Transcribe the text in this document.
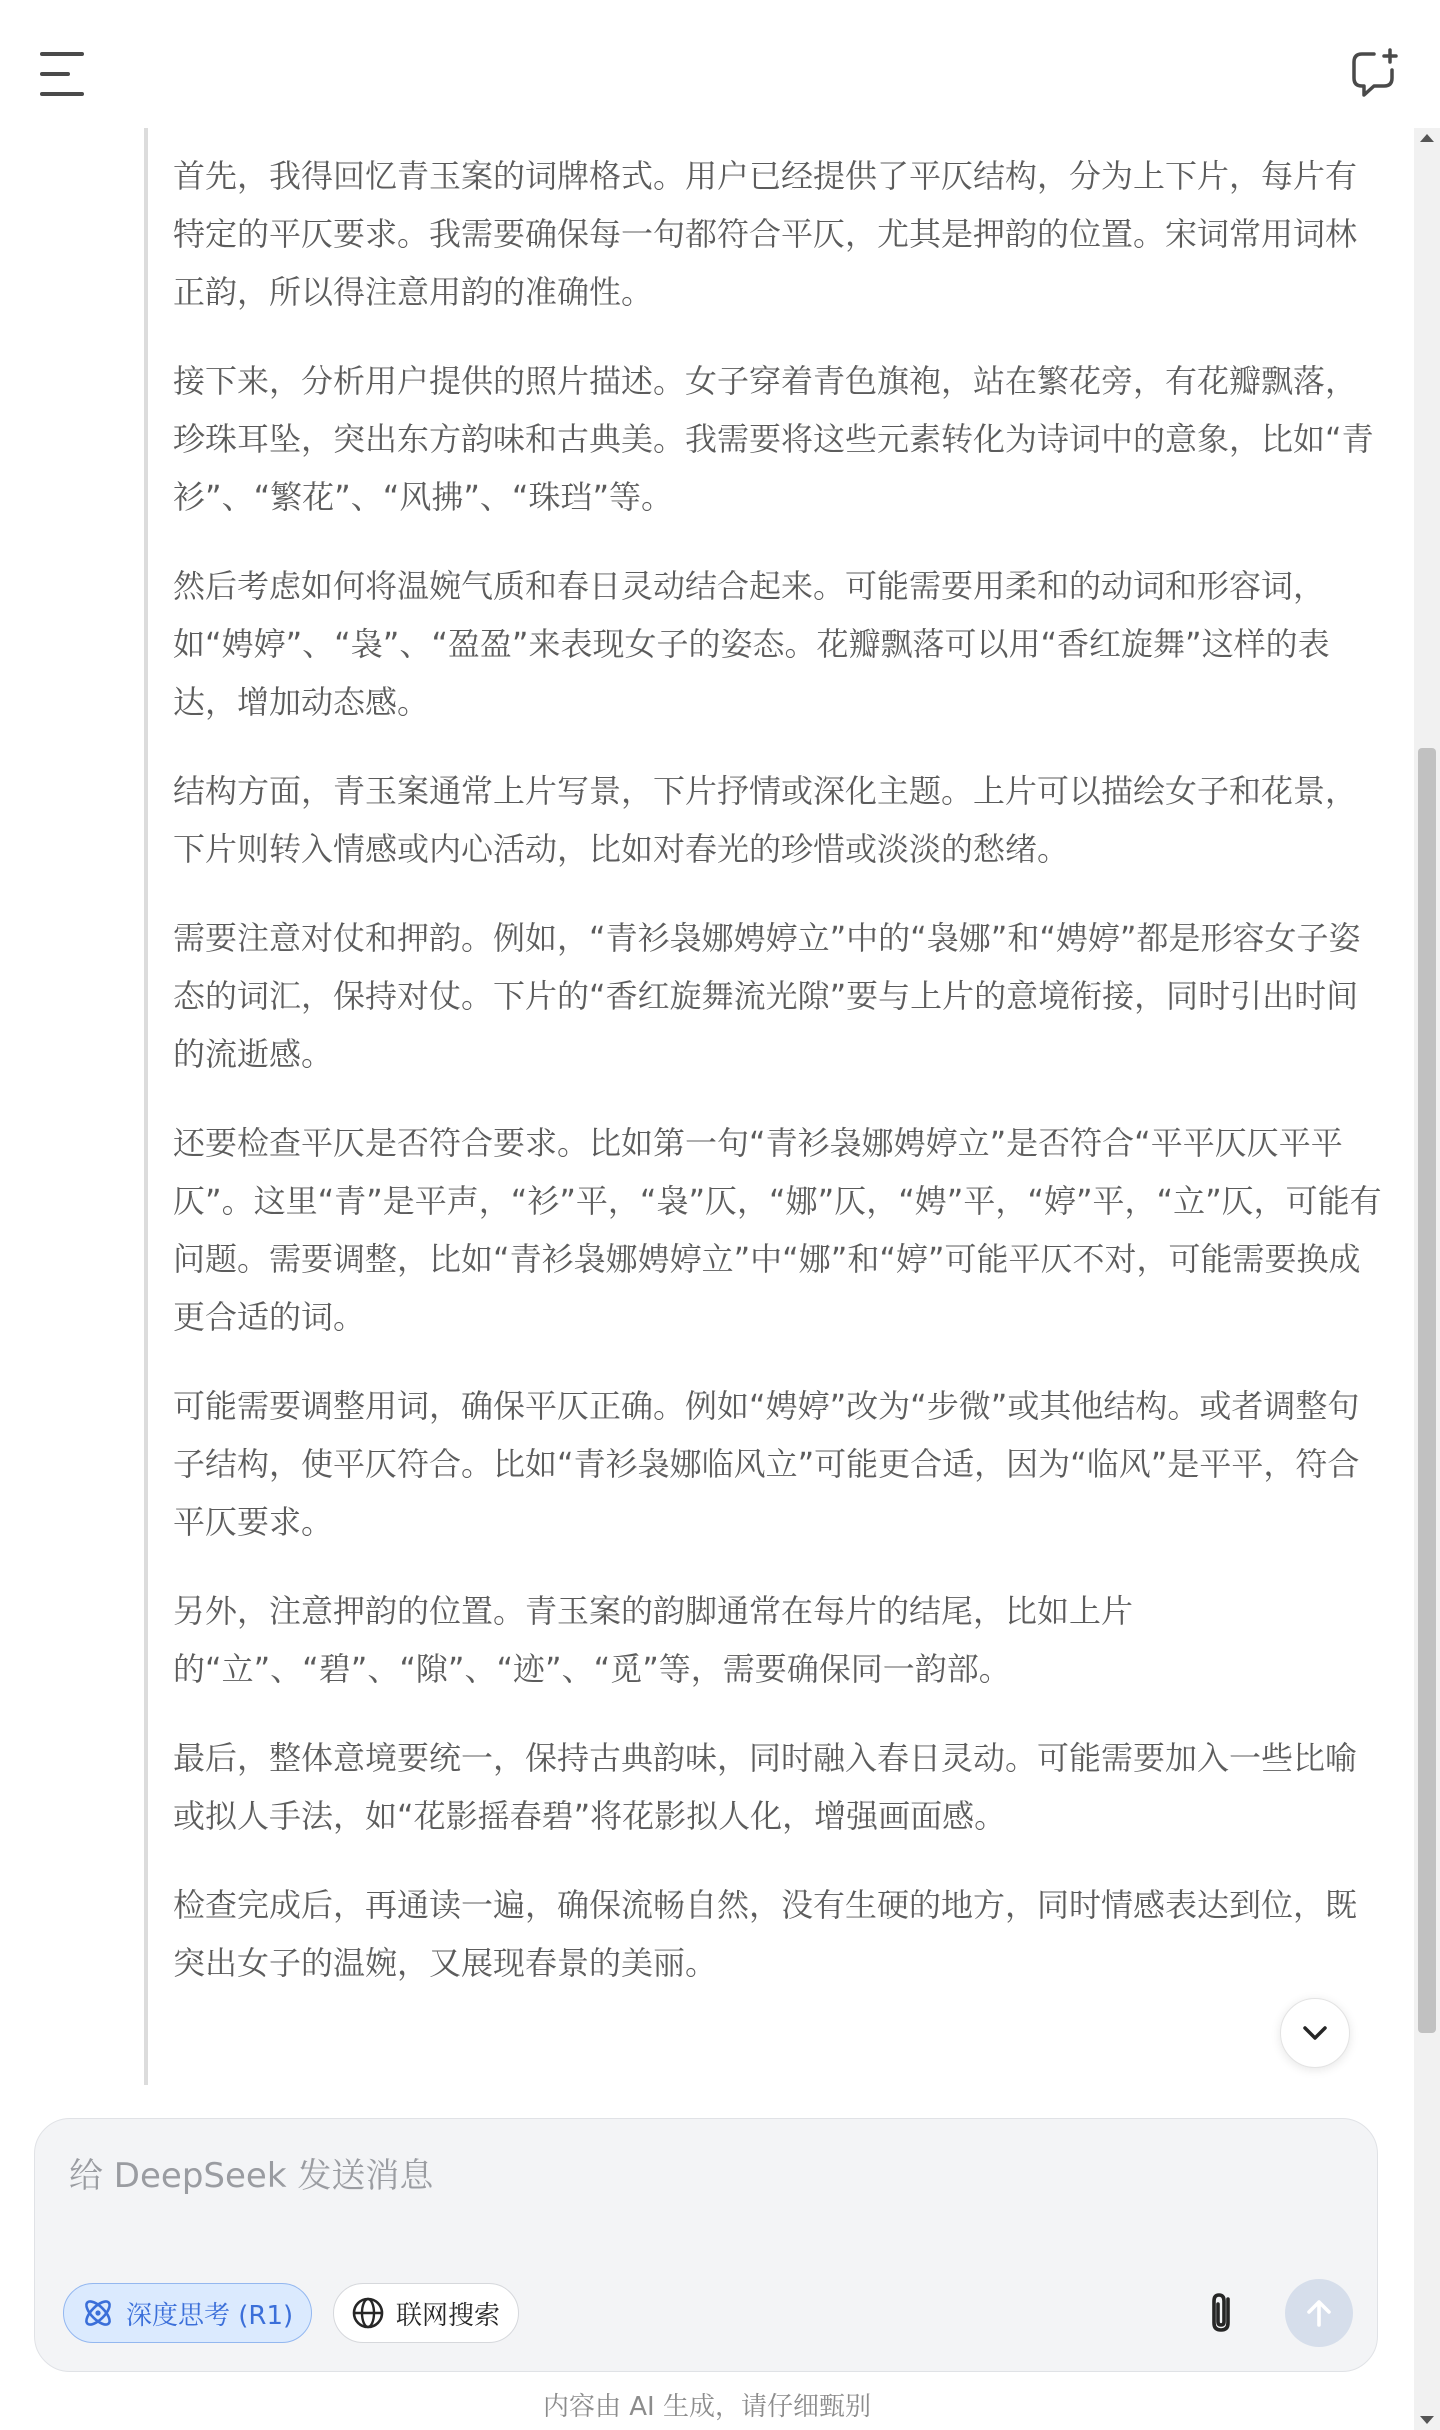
首先，我得回忆青玉案的词牌格式。用户已经提供了平仄结构，分为上下片，每片有特定的平仄要求。我需要确保每一句都符合平仄，尤其是押韵的位置。宋词常用词林正韵，所以得注意用韵的准确性。

接下来，分析用户提供的照片描述。女子穿着青色旗袍，站在繁花旁，有花瓣飘落，珍珠耳坠，突出东方韵味和古典美。我需要将这些元素转化为诗词中的意象，比如“青衫”、“繁花”、“风拂”、“珠珰”等。

然后考虑如何将温婉气质和春日灵动结合起来。可能需要用柔和的动词和形容词，如“娉婷”、“袅”、“盈盈”来表现女子的姿态。花瓣飘落可以用“香红旋舞”这样的表达，增加动态感。

结构方面，青玉案通常上片写景，下片抒情或深化主题。上片可以描绘女子和花景，下片则转入情感或内心活动，比如对春光的珍惜或淡淡的愁绪。

需要注意对仗和押韵。例如，“青衫袅娜娉婷立”中的“袅娜”和“娉婷”都是形容女子姿态的词汇，保持对仗。下片的“香红旋舞流光隙”要与上片的意境衔接，同时引出时间的流逝感。

还要检查平仄是否符合要求。比如第一句“青衫袅娜娉婷立”是否符合“平平仄仄平平仄”。这里“青”是平声，“衫”平，“袅”仄，“娜”仄，“娉”平，“婷”平，“立”仄，可能有问题。需要调整，比如“青衫袅娜娉婷立”中“娜”和“婷”可能平仄不对，可能需要换成更合适的词。

可能需要调整用词，确保平仄正确。例如“娉婷”改为“步微”或其他结构。或者调整句子结构，使平仄符合。比如“青衫袅娜临风立”可能更合适，因为“临风”是平平，符合平仄要求。

另外，注意押韵的位置。青玉案的韵脚通常在每片的结尾，比如上片的“立”、“碧”、“隙”、“迹”、“觅”等，需要确保同一韵部。

最后，整体意境要统一，保持古典韵味，同时融入春日灵动。可能需要加入一些比喻或拟人手法，如“花影摇春碧”将花影拟人化，增强画面感。

检查完成后，再通读一遍，确保流畅自然，没有生硬的地方，同时情感表达到位，既突出女子的温婉，又展现春景的美丽。

给 DeepSeek 发送消息
深度思考 (R1)	联网搜索
内容由 AI 生成，请仔细甄别
